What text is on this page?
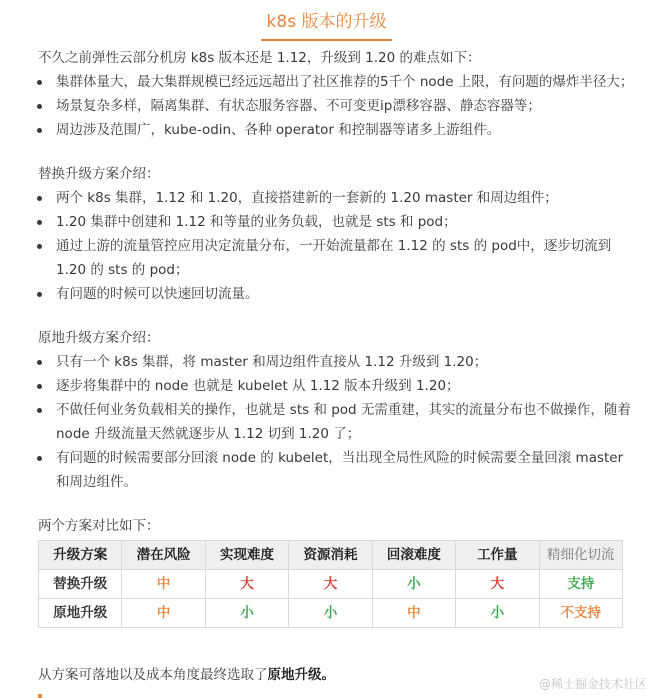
k8s 版本的升级

不久之前弹性云部分机房 k8s 版本还是 1.12，升级到 1.20 的难点如下：

集群体量大，最大集群规模已经远远超出了社区推荐的5千个 node 上限，有问题的爆炸半径大；
场景复杂多样，隔离集群、有状态服务容器、不可变更ip漂移容器、静态容器等；
周边涉及范围广，kube-odin、各种 operator 和控制器等诸多上游组件。

替换升级方案介绍：

两个 k8s 集群，1.12 和 1.20，直接搭建新的一套新的 1.20 master 和周边组件；
1.20 集群中创建和 1.12 和等量的业务负载，也就是 sts 和 pod；
通过上游的流量管控应用决定流量分布，一开始流量都在 1.12 的 sts 的 pod中，逐步切流到 1.20 的 sts 的 pod；
有问题的时候可以快速回切流量。

原地升级方案介绍：

只有一个 k8s 集群，将 master 和周边组件直接从 1.12 升级到 1.20；
逐步将集群中的 node 也就是 kubelet 从 1.12 版本升级到 1.20；
不做任何业务负载相关的操作，也就是 sts 和 pod 无需重建，其实的流量分布也不做操作，随着 node 升级流量天然就逐步从 1.12 切到 1.20 了；
有问题的时候需要部分回滚 node 的 kubelet，当出现全局性风险的时候需要全量回滚 master 和周边组件。

两个方案对比如下：

升级方案	潜在风险	实现难度	资源消耗	回滚难度	工作量	精细化切流
替换升级	中	大	大	小	大	支持
原地升级	中	小	小	中	小	不支持

从方案可落地以及成本角度最终选取了原地升级。

@稀土掘金技术社区
